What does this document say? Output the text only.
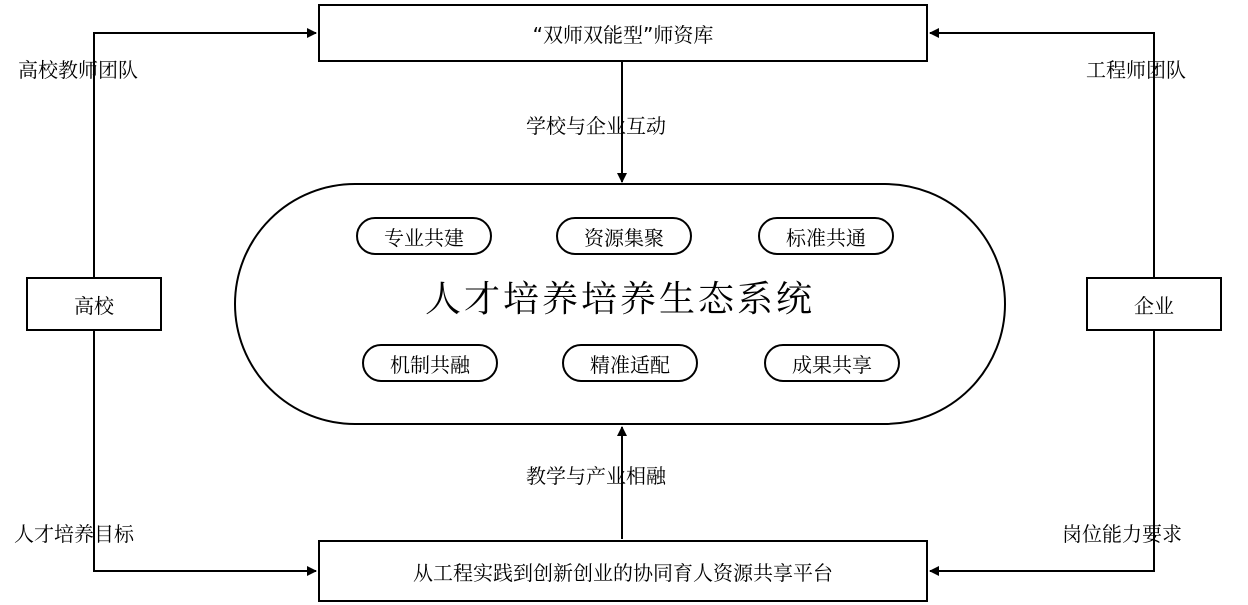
“双师双能型”师资库
从工程实践到创新创业的协同育人资源共享平台
高校	企业
学校与企业互动
教学与产业相融
高校教师团队
人才培养目标
工程师团队
岗位能力要求
专业共建	资源集聚	标准共通
人才培养培养生态系统
机制共融	精准适配	成果共享
